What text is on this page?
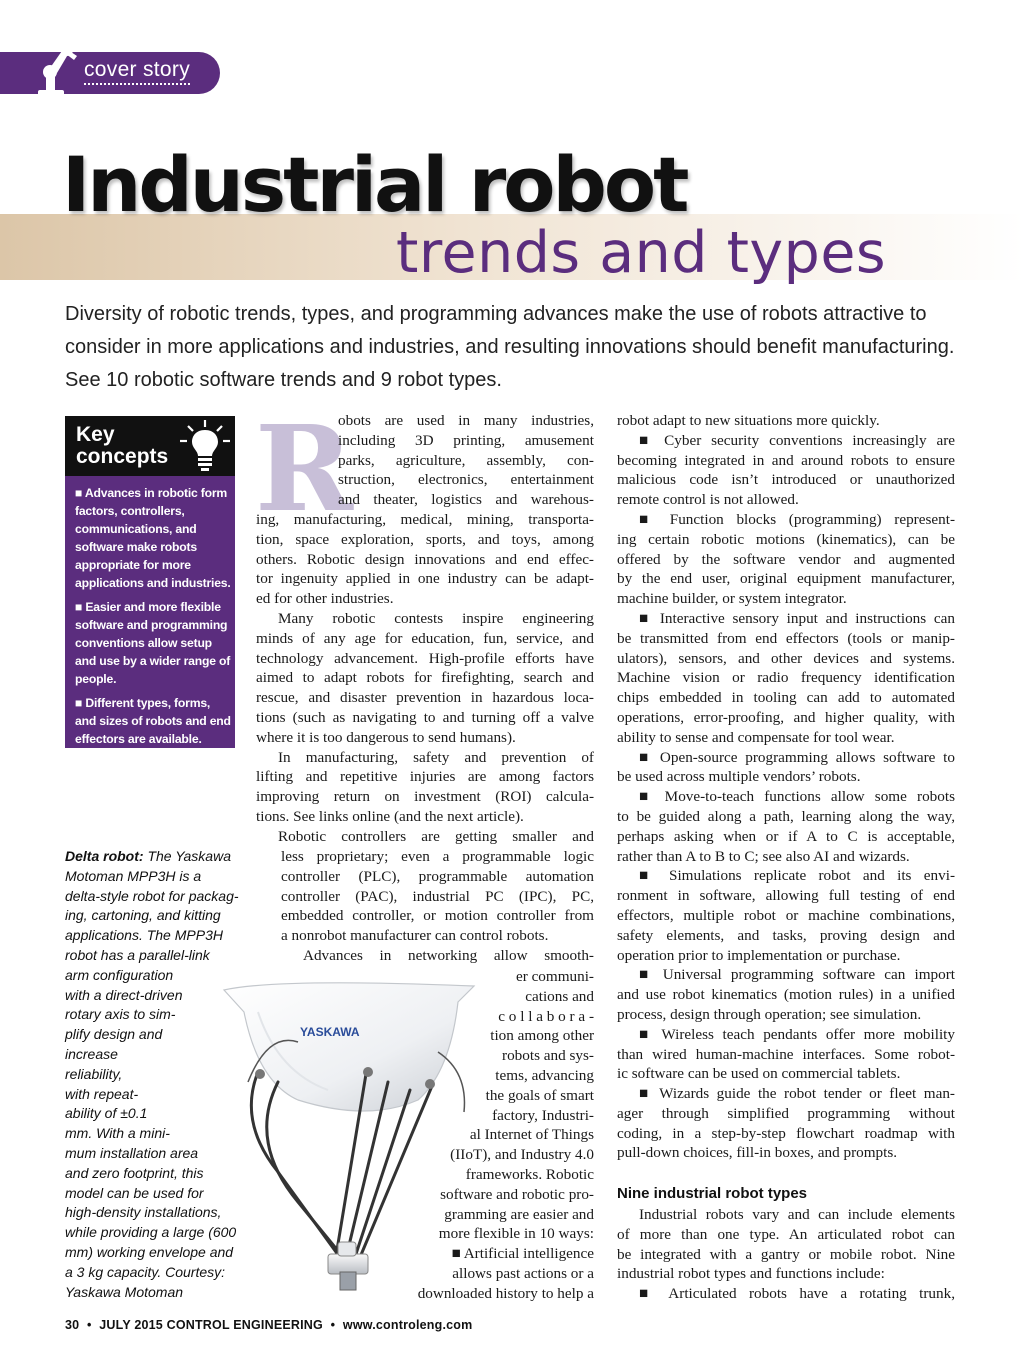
cover story
Industrial robot
trends and types
Diversity of robotic trends, types, and programming advances make the use of robots attractive to consider in more applications and industries, and resulting innovations should benefit manufacturing. See 10 robotic software trends and 9 robot types.
Key
concepts

■ Advances in robotic form factors, controllers, communications, and software make robots appropriate for more applications and industries.

■ Easier and more flexible software and programming conventions allow setup and use by a wider range of people.

■ Different types, forms, and sizes of robots and end effectors are available.

R
obots are used in many industries,
including 3D printing, amusement
parks, agriculture, assembly, con-
struction, electronics, entertainment
and theater, logistics and warehous-
ing, manufacturing, medical, mining, transporta-
tion, space exploration, sports, and toys, among
others. Robotic design innovations and end effec-
tor ingenuity applied in one industry can be adapt-
ed for other industries.
Many robotic contests inspire engineering
minds of any age for education, fun, service, and
technology advancement. High-profile efforts have
aimed to adapt robots for firefighting, search and
rescue, and disaster prevention in hazardous loca-
tions (such as navigating to and turning off a valve
where it is too dangerous to send humans).
In manufacturing, safety and prevention of
lifting and repetitive injuries are among factors
improving return on investment (ROI) calcula-
tions. See links online (and the next article).
Robotic controllers are getting smaller and
less proprietary; even a programmable logic
controller (PLC), programmable automation
controller (PAC), industrial PC (IPC), PC,
embedded controller, or motion controller from
a nonrobot manufacturer can control robots.
Advances in networking allow smooth-
er communi-
cations and
c o l l a b o r a -
tion among other
robots and sys-
tems, advancing
the goals of smart
factory, Industri-
al Internet of Things
(IIoT), and Industry 4.0
frameworks. Robotic
software and robotic pro-
gramming are easier and
more flexible in 10 ways:
■ Artificial intelligence
allows past actions or a
downloaded history to help a
robot adapt to new situations more quickly.
■ Cyber security conventions increasingly are
becoming integrated in and around robots to ensure
malicious code isn’t introduced or unauthorized
remote control is not allowed.
■ Function blocks (programming) represent-
ing certain robotic motions (kinematics), can be
offered by the software vendor and augmented
by the end user, original equipment manufacturer,
machine builder, or system integrator.
■ Interactive sensory input and instructions can
be transmitted from end effectors (tools or manip-
ulators), sensors, and other devices and systems.
Machine vision or radio frequency identification
chips embedded in tooling can add to automated
operations, error-proofing, and higher quality, with
ability to sense and compensate for tool wear.
■ Open-source programming allows software to
be used across multiple vendors’ robots.
■ Move-to-teach functions allow some robots
to be guided along a path, learning along the way,
perhaps asking when or if A to C is acceptable,
rather than A to B to C; see also AI and wizards.
■ Simulations replicate robot and its envi-
ronment in software, allowing full testing of end
effectors, multiple robot or machine combinations,
safety elements, and tasks, proving design and
operation prior to implementation or purchase.
■ Universal programming software can import
and use robot kinematics (motion rules) in a unified
process, design through operation; see simulation.
■ Wireless teach pendants offer more mobility
than wired human-machine interfaces. Some robot-
ic software can be used on commercial tablets.
■ Wizards guide the robot tender or fleet man-
ager through simplified programming without
coding, in a step-by-step flowchart roadmap with
pull-down choices, fill-in boxes, and prompts.
Nine industrial robot types
Industrial robots vary and can include elements
of more than one type. An articulated robot can
be integrated with a gantry or mobile robot. Nine
industrial robot types and functions include:
■ Articulated robots have a rotating trunk,
Delta robot: The Yaskawa
Motoman MPP3H is a
delta-style robot for packag-
ing, cartoning, and kitting
applications. The MPP3H
robot has a parallel-link
arm configuration
with a direct-driven
rotary axis to sim-
plify design and
increase
reliability,
with repeat-
ability of ±0.1
mm. With a mini-
mum installation area
and zero footprint, this
model can be used for
high-density installations,
while providing a large (600
mm) working envelope and
a 3 kg capacity. Courtesy:
Yaskawa Motoman
YASKAWA
30 • JULY 2015 CONTROL ENGINEERING • www.controleng.com
